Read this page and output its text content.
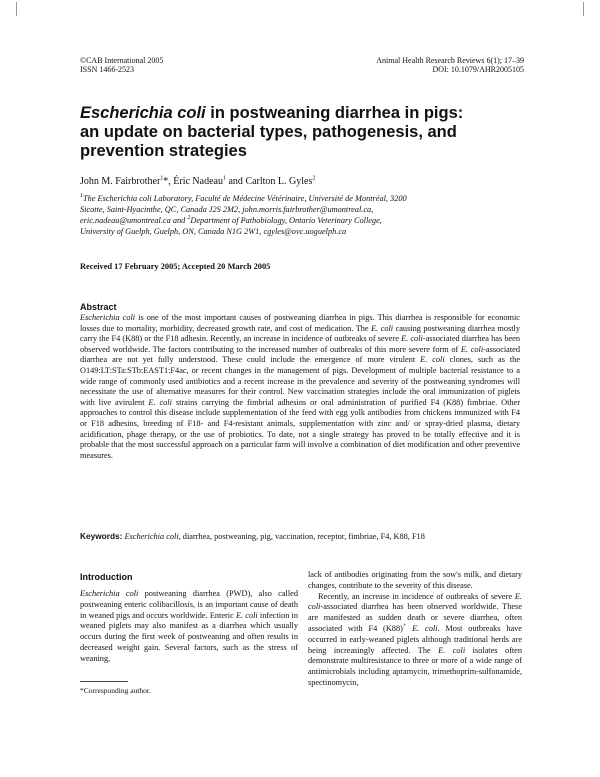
©CAB International 2005
ISSN 1466-2523
Animal Health Research Reviews 6(1); 17–39
DOI: 10.1079/AHR2005105
Escherichia coli in postweaning diarrhea in pigs:
an update on bacterial types, pathogenesis, and
prevention strategies
John M. Fairbrother$^1$*, Éric Nadeau$^1$ and Carlton L. Gyles$^2$
$^1$The Escherichia coli Laboratory, Faculté de Médecine Vétérinaire, Université de Montréal, 3200
Sicotte, Saint-Hyacinthe, QC, Canada J2S 2M2, john.morris.fairbrother@umontreal.ca,
eric.nadeau@umontreal.ca and $^2$Department of Pathobiology, Ontario Veterinary College,
University of Guelph, Guelph, ON, Canada N1G 2W1, cgyles@ovc.uoguelph.ca
Received 17 February 2005; Accepted 20 March 2005
Abstract

Escherichia coli is one of the most important causes of postweaning diarrhea in pigs. This diarrhea is responsible for economic losses due to mortality, morbidity, decreased growth rate, and cost of medication. The E. coli causing postweaning diarrhea mostly carry the F4 (K88) or the F18 adhesin. Recently, an increase in incidence of outbreaks of severe E. coli-associated diarrhea has been observed worldwide. The factors contributing to the increased number of outbreaks of this more severe form of E. coli-associated diarrhea are not yet fully understood. These could include the emergence of more virulent E. coli clones, such as the O149:LT:STa:STb:EAST1:F4ac, or recent changes in the management of pigs. Development of multiple bacterial resistance to a wide range of commonly used antibiotics and a recent increase in the prevalence and severity of the postweaning syndromes will necessitate the use of alternative measures for their control. New vaccination strategies include the oral immunization of piglets with live avirulent E. coli strains carrying the fimbrial adhesins or oral administration of purified F4 (K88) fimbriae. Other approaches to control this disease include supplementation of the feed with egg yolk antibodies from chickens immunized with F4 or F18 adhesins, breeding of F18- and F4-resistant animals, supplementation with zinc and/ or spray-dried plasma, dietary acidification, phage therapy, or the use of probiotics. To date, not a single strategy has proved to be totally effective and it is probable that the most successful approach on a particular farm will involve a combination of diet modification and other preventive measures.

Keywords: Escherichia coli, diarrhea, postweaning, pig, vaccination, receptor, fimbriae, F4, K88, F18
Introduction

Escherichia coli postweaning diarrhea (PWD), also called postweaning enteric colibacillosis, is an important cause of death in weaned pigs and occurs worldwide. Enteric E. coli infection in weaned piglets may also manifest as a diarrhea which usually occurs during the first week of postweaning and often results in decreased weight gain. Several factors, such as the stress of weaning,

lack of antibodies originating from the sow's milk, and dietary changes, contribute to the severity of this disease.

Recently, an increase in incidence of outbreaks of severe E. coli-associated diarrhea has been observed worldwide. These are manifested as sudden death or severe diarrhea, often associated with F4 (K88)+ E. coli. Most outbreaks have occurred in early-weaned piglets although traditional herds are being increasingly affected. The E. coli isolates often demonstrate multiresistance to three or more of a wide range of antimicrobials including apramycin, trimethoprim-sulfonamide, spectinomycin,

*Corresponding author.
